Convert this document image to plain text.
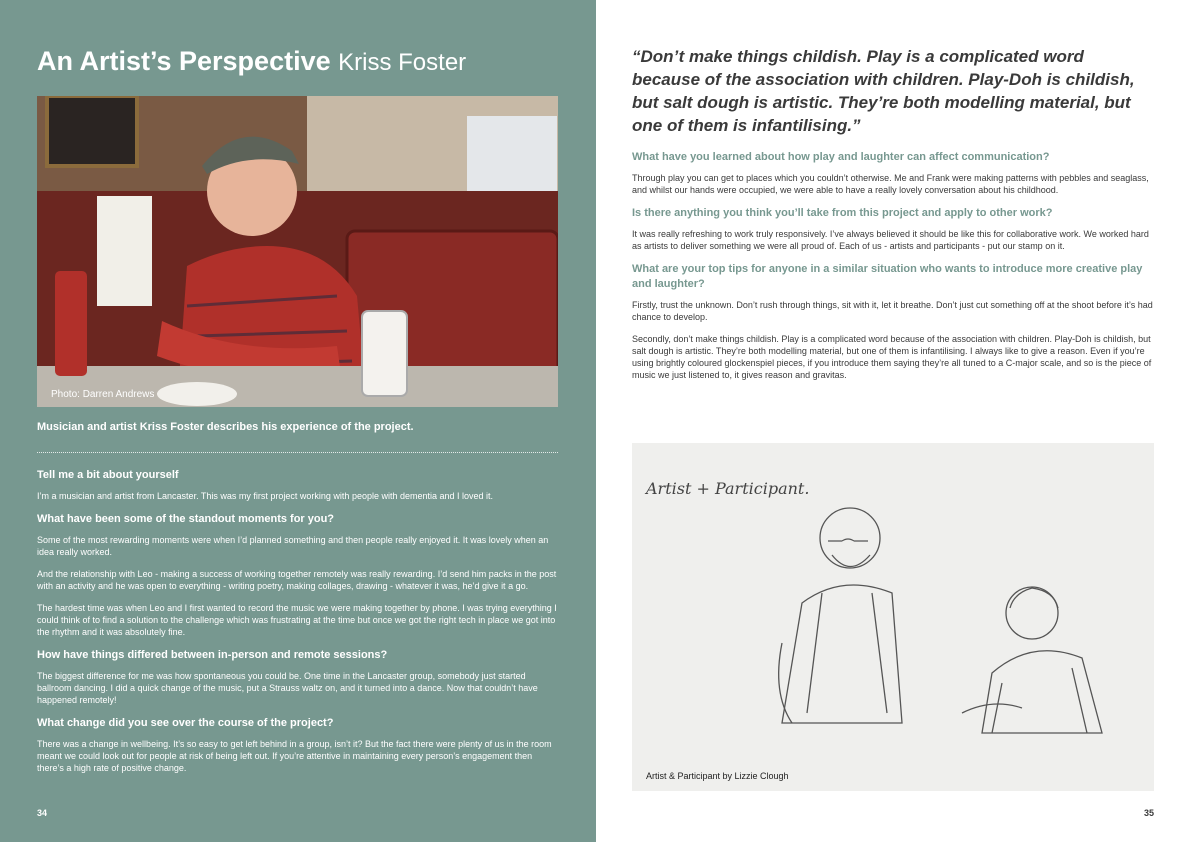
An Artist’s Perspective Kriss Foster
Photo: Darren Andrews

Musician and artist Kriss Foster describes his experience of the project.

Tell me a bit about yourself

I’m a musician and artist from Lancaster. This was my first project working with people with dementia and I loved it.

What have been some of the standout moments for you?

Some of the most rewarding moments were when I’d planned something and then people really enjoyed it. It was lovely when an idea really worked.

And the relationship with Leo - making a success of working together remotely was really rewarding. I’d send him packs in the post with an activity and he was open to everything - writing poetry, making collages, drawing - whatever it was, he’d give it a go.

The hardest time was when Leo and I first wanted to record the music we were making together by phone. I was trying everything I could think of to find a solution to the challenge which was frustrating at the time but once we got the right tech in place we got into the rhythm and it was absolutely fine.

How have things differed between in-person and remote sessions?

The biggest difference for me was how spontaneous you could be. One time in the Lancaster group, somebody just started ballroom dancing. I did a quick change of the music, put a Strauss waltz on, and it turned into a dance. Now that couldn’t have happened remotely!

What change did you see over the course of the project?

There was a change in wellbeing. It’s so easy to get left behind in a group, isn’t it? But the fact there were plenty of us in the room meant we could look out for people at risk of being left out. If you’re attentive in maintaining every person’s engagement then there’s a high rate of positive change.

34

“Don’t make things childish. Play is a complicated word because of the association with children. Play-Doh is childish, but salt dough is artistic. They’re both modelling material, but one of them is infantilising.”

What have you learned about how play and laughter can affect communication?

Through play you can get to places which you couldn’t otherwise. Me and Frank were making patterns with pebbles and seaglass, and whilst our hands were occupied, we were able to have a really lovely conversation about his childhood.

Is there anything you think you’ll take from this project and apply to other work?

It was really refreshing to work truly responsively. I’ve always believed it should be like this for collaborative work. We worked hard as artists to deliver something we were all proud of. Each of us - artists and participants - put our stamp on it.

What are your top tips for anyone in a similar situation who wants to introduce more creative play and laughter?

Firstly, trust the unknown. Don’t rush through things, sit with it, let it breathe. Don’t just cut something off at the shoot before it’s had chance to develop.

Secondly, don’t make things childish. Play is a complicated word because of the association with children. Play-Doh is childish, but salt dough is artistic. They’re both modelling material, but one of them is infantilising. I always like to give a reason. Even if you’re using brightly coloured glockenspiel pieces, if you introduce them saying they’re all tuned to a C-major scale, and so is the piece of music we just listened to, it gives reason and gravitas.

Artist + Participant.
Artist & Participant by Lizzie Clough
35
